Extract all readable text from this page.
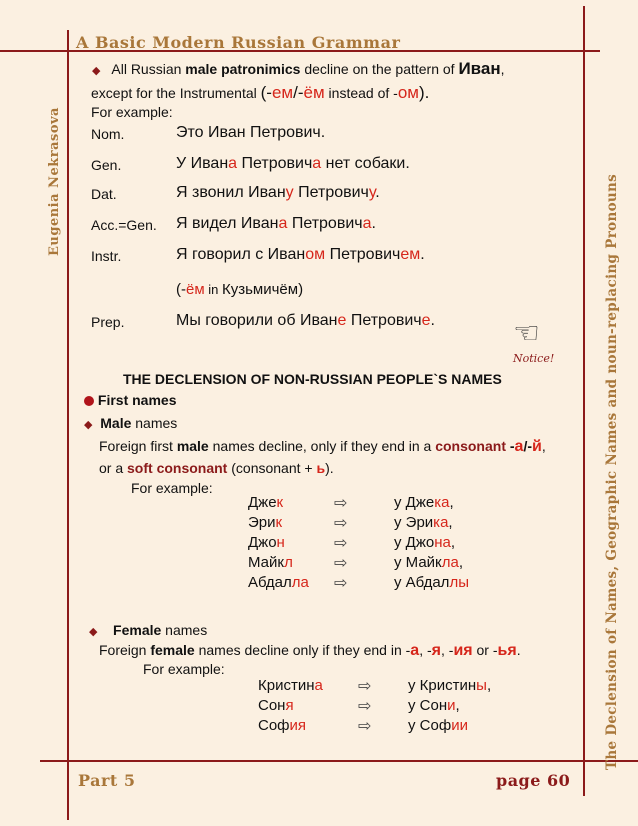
A Basic Modern Russian Grammar
Eugenia Nekrasova	The Declension of Names, Geographic Names and noun-replacing Pronouns
Part 5	page 60
◆ All Russian male patronimics decline on the pattern of Иван,
except for the Instrumental (-ем/-ём instead of -ом).
For example:
Nom.	Это Иван Петрович.
Gen.	У Ивана Петровича нет собаки.
Dat.	Я звонил Ивану Петровичу.
Acc.=Gen. Я видел Ивана Петровича.
Instr.	Я говорил с Иваном Петровичем.
Prep.	Мы говорили об Иване Петровиче.
(-ём in Кузьмичём)
☜
Notice!
THE DECLENSION OF NON-RUSSIAN PEOPLE`S NAMES
First names
◆ Male names
Foreign first male names decline, only if they end in a consonant -а/-й,
or a soft consonant (consonant + ь).
For example:
Джек	⇨	у Джека,
Эрик	⇨	у Эрика,
Джон	⇨	у Джона,
Майкл	⇨	у Майкла,
Абдалла ⇨	у Абдаллы
◆ Female names
Foreign female names decline only if they end in -а, -я, -ия or -ья.
For example:
Кристина ⇨ у Кристины,
Соня	⇨ у Сони,
София	⇨ у Софии
